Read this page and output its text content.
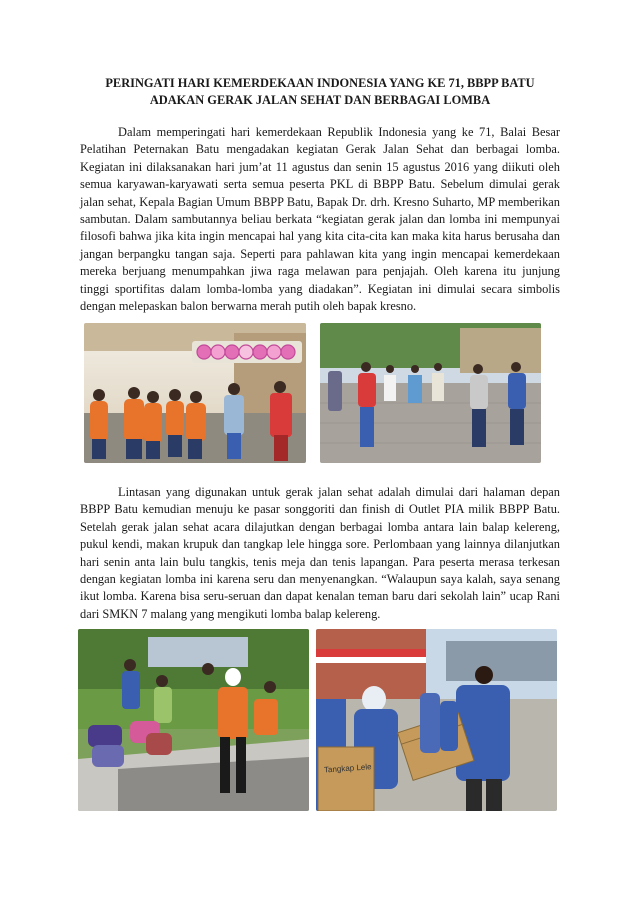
PERINGATI HARI KEMERDEKAAN INDONESIA YANG KE 71, BBPP BATU ADAKAN GERAK JALAN SEHAT DAN BERBAGAI LOMBA

Dalam memperingati hari kemerdekaan Republik Indonesia yang ke 71, Balai Besar Pelatihan Peternakan Batu mengadakan kegiatan Gerak Jalan Sehat dan berbagai lomba. Kegiatan ini dilaksanakan hari jum’at 11 agustus dan senin 15 agustus 2016 yang diikuti oleh semua karyawan-karyawati serta semua peserta PKL di BBPP Batu. Sebelum dimulai gerak jalan sehat, Kepala Bagian Umum BBPP Batu, Bapak Dr. drh. Kresno Suharto, MP memberikan sambutan. Dalam sambutannya beliau berkata “kegiatan gerak jalan dan lomba ini mempunyai filosofi bahwa jika kita ingin mencapai hal yang kita cita-cita kan maka kita harus berusaha dan jangan berpangku tangan saja. Seperti para pahlawan kita yang ingin mencapai kemerdekaan mereka berjuang menumpahkan jiwa raga melawan para penjajah. Oleh karena itu junjung tinggi sportifitas dalam lomba-lomba yang diadakan”. Kegiatan ini dimulai secara simbolis dengan melepaskan balon berwarna merah putih oleh bapak kresno.

Lintasan yang digunakan untuk gerak jalan sehat adalah dimulai dari halaman depan BBPP Batu kemudian menuju ke pasar songgoriti dan finish di Outlet PIA milik BBPP Batu. Setelah gerak jalan sehat acara dilajutkan dengan berbagai lomba antara lain balap kelereng, pukul kendi, makan krupuk dan tangkap lele hingga sore. Perlombaan yang lainnya dilanjutkan hari senin anta lain bulu tangkis, tenis meja dan tenis lapangan. Para peserta merasa terkesan dengan kegiatan lomba ini karena seru dan menyenangkan. “Walaupun saya kalah, saya senang ikut lomba. Karena bisa seru-seruan dan dapat kenalan teman baru dari sekolah lain” ucap Rani dari SMKN 7 malang yang mengikuti lomba balap kelereng.

Tangkap Lele
